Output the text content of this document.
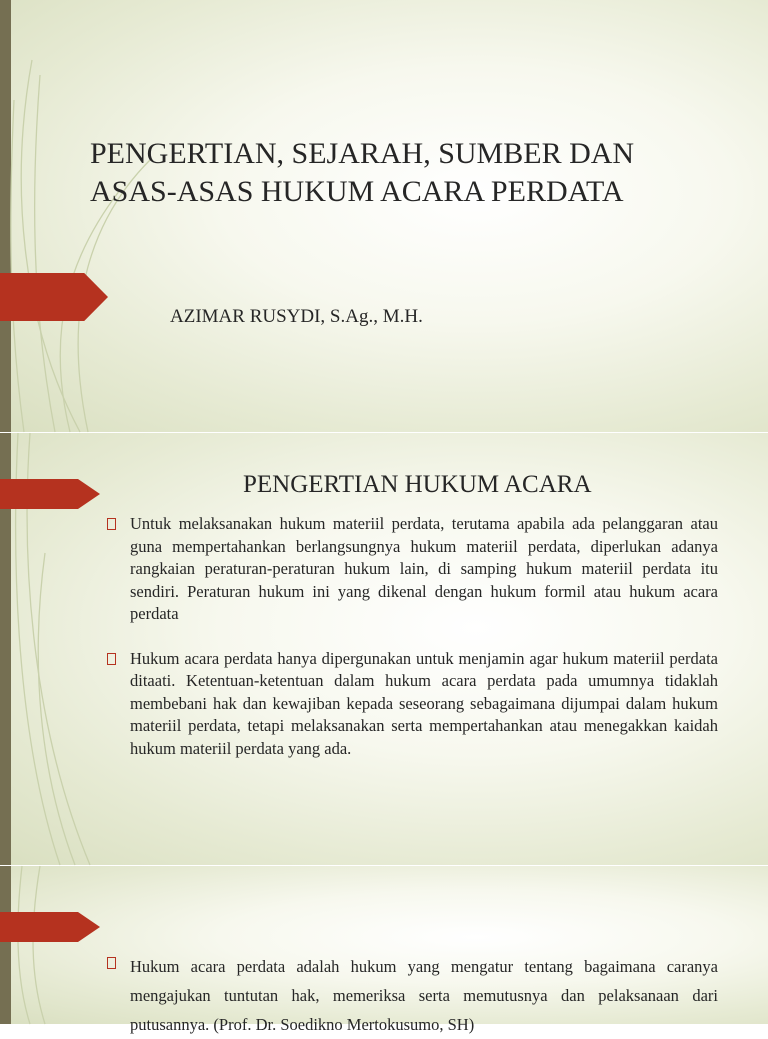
PENGERTIAN, SEJARAH, SUMBER DAN
ASAS-ASAS HUKUM ACARA PERDATA

AZIMAR RUSYDI, S.Ag., M.H.

PENGERTIAN HUKUM ACARA
Untuk melaksanakan hukum materiil perdata, terutama apabila ada pelanggaran atau guna mempertahankan berlangsungnya hukum materiil perdata, diperlukan adanya rangkaian peraturan-peraturan hukum lain, di samping hukum materiil perdata itu sendiri. Peraturan hukum ini yang dikenal dengan hukum formil atau hukum acara perdata
Hukum acara perdata hanya dipergunakan untuk menjamin agar hukum materiil perdata ditaati. Ketentuan-ketentuan dalam hukum acara perdata pada umumnya tidaklah membebani hak dan kewajiban kepada seseorang sebagaimana dijumpai dalam hukum materiil perdata, tetapi melaksanakan serta mempertahankan atau menegakkan kaidah hukum materiil perdata yang ada.
Hukum acara perdata adalah hukum yang mengatur tentang bagaimana caranya mengajukan tuntutan hak, memeriksa serta memutusnya dan pelaksanaan dari putusannya. (Prof. Dr. Soedikno Mertokusumo, SH)
